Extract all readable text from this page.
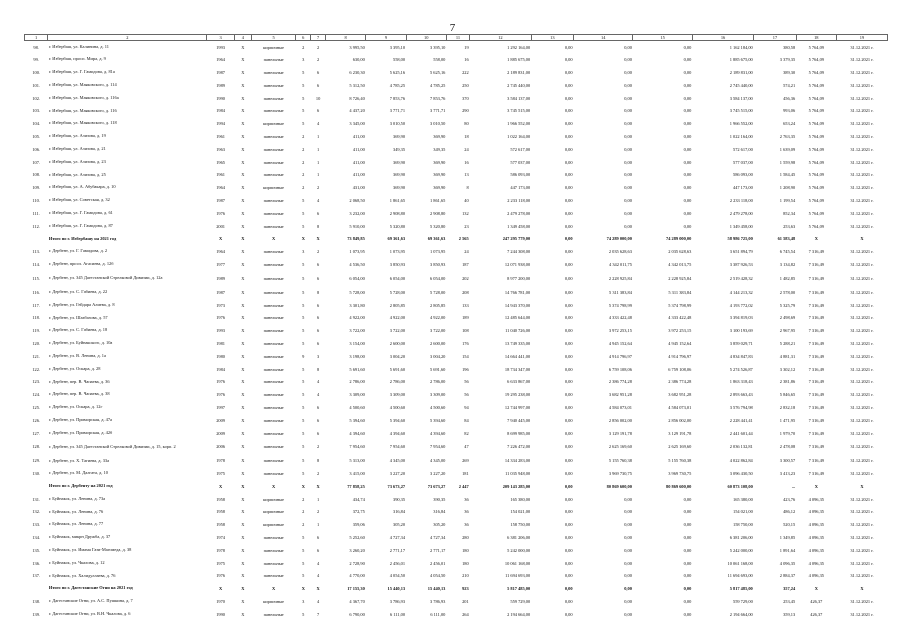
7
1	2	3	4	5	6	7	8	9	10	11	12	13	14	15	16	17	18	19
98.	г. Избербаш, ул. Калинина, д. 11	1993	Х	кирпичные	2	2	3 995,50	3 395,10	3 395,10	19	1 292 164,00	0,00	0,00	0,00	1 162 184,00	380,58	5 764,09	31.12.2021 г.
99.	г. Избербаш, просп. Мира, д. 9	1964	Х	панельные	3	2	630,00	558,00	558,00	16	1 885 675,00	0,00	0,00	0,00	1 885 675,00	3 379,35	5 764,09	31.12.2021 г.
100.	г. Избербаш, ул. Г. Гамидова, д. 81а	1987	Х	панельные	5	6	6 230,30	5 625,16	5 625,16	222	2 189 831,00	0,00	0,00	0,00	2 189 831,00	389,30	5 764,09	31.12.2021 г.
101.	г. Избербаш, ул. Маяковского, д. 114	1989	Х	панельные	5	6	5 312,50	4 785,25	4 785,25	250	2 745 440,00	0,00	0,00	0,00	2 745 440,00	574,21	5 764,09	31.12.2021 г.
102.	г. Избербаш, ул. Маяковского, д. 116а	1990	Х	панельные	5	10	8 726,40	7 853,76	7 853,76	370	3 584 137,00	0,00	0,00	0,00	3 584 137,00	456,36	5 764,09	31.12.2021 г.
103.	г. Избербаш, ул. Маяковского, д. 116	1984	Х	панельные	5	6	4 437,20	3 771,71	3 771,71	290	3 745 515,00	0,00	0,00	0,00	3 745 515,00	993,06	5 764,09	31.12.2021 г.
104.	г. Избербаш, ул. Маяковского, д. 118	1994	Х	кирпичные	5	4	3 345,00	3 010,50	3 010,50	80	1 966 552,00	0,00	0,00	0,00	1 966 552,00	653,24	5 764,09	31.12.2021 г.
105.	г. Избербаш, ул. Азизова, д. 19	1961	Х	панельные	2	1	411,00	369,90	369,90	18	1 022 164,00	0,00	0,00	0,00	1 022 164,00	2 763,35	5 764,09	31.12.2021 г.
106.	г. Избербаш, ул. Азизова, д. 21	1963	Х	панельные	2	1	411,00	349,35	349,35	24	572 617,00	0,00	0,00	0,00	572 617,00	1 639,09	5 764,09	31.12.2021 г.
107.	г. Избербаш, ул. Азизова, д. 23	1965	Х	панельные	2	1	411,00	369,90	369,90	16	577 037,00	0,00	0,00	0,00	577 037,00	1 559,98	5 764,09	31.12.2021 г.
108.	г. Избербаш, ул. Азизова, д. 25	1961	Х	панельные	2	1	411,00	369,90	369,90	13	586 093,00	0,00	0,00	0,00	586 093,00	1 584,45	5 764,09	31.12.2021 г.
109.	г. Избербаш, ул. А. Абубакара, д. 10	1964	Х	кирпичные	2	2	431,00	369,90	369,90	8	447 173,00	0,00	0,00	0,00	447 173,00	1 208,90	5 764,09	31.12.2021 г.
110.	г. Избербаш, ул. Советская, д. 32	1987	Х	панельные	5	4	2 068,50	1 861,65	1 861,65	40	2 233 118,00	0,00	0,00	0,00	2 233 118,00	1 199,54	5 764,09	31.12.2021 г.
111.	г. Избербаш, ул. Г. Гамидова, д. 61	1976	Х	панельные	5	6	3 232,00	2 908,80	2 908,80	132	2 479 278,00	0,00	0,00	0,00	2 479 278,00	852,34	5 764,09	31.12.2021 г.
112.	г. Избербаш, ул. Г. Гамидова, д. 87	2001	Х	панельные	5	8	5 910,00	5 320,80	5 320,80	23	1 349 458,00	0,00	0,00	0,00	1 349 458,00	253,63	5 764,09	31.12.2021 г.
	Итого по г. Избербашу на 2021 год	Х	Х	Х	Х	Х	73 849,85	69 361,63	69 361,63	2 565	247 295 779,00	0,00	74 289 000,00	74 289 000,00	58 986 725,00	61 583,48	Х	Х
113.	г. Дербент, ул. Г. Гамидова, д. 2	1964	Х	панельные	3	2	1 073,95	1 073,95	1 073,95	24	7 244 308,00	0,00	2 035 628,63	2 035 628,63	3 651 894,79	6 745,54	7 316,49	31.12.2021 г.
114.	г. Дербент, просп. Агасиева, д. 12б	1977	Х	панельные	5	6	4 536,50	3 850,93	3 850,93	187	12 071 938,00	0,00	4 342 011,75	4 342 013,75	3 387 926,53	3 134,82	7 316,49	31.12.2021 г.
115.	г. Дербент, ул. 345 Дагестанской Стрелковой Дивизии, д. 12а	1989	Х	панельные	5	6	6 054,00	6 054,00	6 054,00	202	8 977 200,00	0,00	2 228 925,84	2 228 925,84	2 519 428,32	1 482,85	7 316,49	31.12.2021 г.
116.	г. Дербент, ул. С. Габиева, д. 22	1987	Х	панельные	5	8	5 728,00	5 728,00	5 728,00	208	14 766 781,00	0,00	5 311 383,84	5 311 383,84	4 144 213,32	2 578,00	7 316,49	31.12.2021 г.
117.	г. Дербент, ул. Гейдара Алиева, д. 8	1973	Х	панельные	5	6	3 301,80	2 805,85	2 805,85	133	14 943 370,00	0,00	5 374 798,99	5 374 798,99	4 193 772,02	5 325,79	7 316,49	31.12.2021 г.
118.	г. Дербент, ул. Шахбазова, д. 57	1976	Х	панельные	5	6	4 922,00	4 922,00	4 922,00	189	12 485 644,00	0,00	4 333 422,48	4 333 422,48	3 394 819,03	2 498,69	7 316,49	31.12.2021 г.
119.	г. Дербент, ул. С. Габиева, д. 18	1993	Х	панельные	5	6	3 722,00	3 722,00	3 722,00	108	11 040 726,00	0,00	3 972 253,15	3 972 253,15	3 100 193,69	2 967,95	7 316,49	31.12.2021 г.
120.	г. Дербент, ул. Буйнакского, д. 10а	1981	Х	панельные	5	6	3 154,00	2 600,00	2 600,00	176	13 749 335,00	0,00	4 945 152,64	4 945 152,64	3 859 029,71	5 288,21	7 316,49	31.12.2021 г.
121.	г. Дербент, ул. В. Ленина, д. 1а	1980	Х	панельные	9	3	3 198,00	3 004,20	3 004,20	154	14 664 441,00	0,00	4 914 796,97	4 914 796,97	4 834 847,83	4 881,31	7 316,49	31.12.2021 г.
122.	г. Дербент, ул. Оскара, д. 28	1984	Х	панельные	5	8	5 691,60	5 691,60	5 691,60	196	18 734 347,00	0,00	6 759 108,06	6 759 108,06	5 274 526,87	3 302,12	7 316,49	31.12.2021 г.
123.	г. Дербент, пер. В. Чапаева, д. 36	1976	Х	панельные	5	4	2 786,00	2 786,00	2 786,00	56	6 633 867,00	0,00	2 386 774,28	2 386 774,28	1 863 318,43	2 381,86	7 316,49	31.12.2021 г.
124.	г. Дербент, пер. В. Чапаева, д. 38	1976	Х	панельные	5	4	3 309,00	3 309,00	3 309,00	56	19 295 238,00	0,00	3 682 951,28	3 682 951,28	2 893 663,43	5 846,65	7 316,49	31.12.2021 г.
125.	г. Дербент, ул. Оскара, д. 12г	1997	Х	панельные	5	6	4 500,60	4 500,60	4 500,60	94	12 744 997,00	0,00	4 584 073,01	4 584 073,01	3 576 794,98	2 832,18	7 316,49	31.12.2021 г.
126.	г. Дербент, ул. Приморская, д. 47а	2009	Х	панельные	5	6	5 394,60	5 394,60	5 394,60	84	7 940 445,00	0,00	2 856 002,00	2 856 002,00	2 228 441,41	1 471,95	7 316,49	31.12.2021 г.
127.	г. Дербент, ул. Приморская, д. 42б	2009	Х	панельные	5	6	4 394,60	4 394,60	4 394,60	82	8 699 985,00	0,00	3 129 191,78	3 129 191,78	2 441 601,44	1 979,70	7 316,49	31.12.2021 г.
128.	г. Дербент, ул. 345 Дагестанской Стрелковой Дивизии, д. 15, корп. 2	2006	Х	панельные	5	2	7 954,60	7 954,60	7 954,60	47	7 226 472,00	0,00	2 625 169,60	2 625 169,60	2 036 132,81	2 478,08	7 316,49	31.12.2021 г.
129.	г. Дербент, ул. Х. Тагиева, д. 33а	1978	Х	панельные	5	8	5 313,00	4 345,00	4 345,00	269	14 334 283,00	0,00	5 155 760,38	5 155 760,38	4 022 862,84	3 300,57	7 316,49	31.12.2021 г.
130.	г. Дербент, ул. М. Далгата, д. 10	1975	Х	панельные	5	2	3 415,00	3 227,20	3 227,20	181	11 035 948,00	0,00	3 969 730,75	3 969 730,75	3 096 430,50	3 413,23	7 316,49	31.12.2021 г.
	Итого по г. Дербенту на 2021 год	Х	Х	Х	Х	Х	77 858,25	73 673,27	73 673,27	2 447	209 143 285,00	0,00	80 869 600,00	80 869 600,00	60 873 108,00	...	Х	Х
131.	г. Буйнакск, ул. Ленина, д. 73а	1958	Х	кирпичные	2	1	434,74	390,35	390,35	36	165 380,00	0,00	0,00	0,00	165 380,00	423,76	4 096,35	31.12.2021 г.
132.	г. Буйнакск, ул. Ленина, д. 76	1958	Х	кирпичные	2	2	372,75	316,84	316,84	36	154 021,00	0,00	0,00	0,00	154 021,00	486,12	4 096,35	31.12.2021 г.
133.	г. Буйнакск, ул. Ленина, д. 77	1958	Х	кирпичные	2	1	359,06	305,20	305,20	36	158 750,00	0,00	0,00	0,00	158 750,00	520,15	4 096,35	31.12.2021 г.
134.	г. Буйнакск, микрн Дружба, д. 37	1974	Х	панельные	5	6	5 252,60	4 727,34	4 727,34	280	6 381 206,00	0,00	0,00	0,00	6 381 206,00	1 349,85	4 096,35	31.12.2021 г.
135.	г. Буйнакск, ул. Имама Гази-Магомеда, д. 38	1978	Х	панельные	5	6	3 260,20	2 771,17	2 771,17	180	5 242 000,00	0,00	0,00	0,00	5 242 000,00	1 891,64	4 096,35	31.12.2021 г.
136.	г. Буйнакск, ул. Чкалова, д. 12	1975	Х	панельные	5	4	2 728,90	2 456,01	2 456,01	180	10 061 168,00	0,00	0,00	0,00	10 061 168,00	4 096,35	4 096,35	31.12.2021 г.
137.	г. Буйнакск, ул. Халидуллаева, д. 76	1976	Х	панельные	5	4	4 770,00	4 054,50	4 054,50	210	11 694 693,00	0,00	0,00	0,00	11 694 693,00	2 884,37	4 096,35	31.12.2021 г.
	Итого по г. Дагестанские Огни на 2021 год	Х	Х	Х	Х	Х	17 155,30	15 440,13	15 440,13	923	5 817 485,00	0,00	0,00	0,00	5 817 485,00	357,24	Х	Х
138.	г. Дагестанские Огни, ул. А.С. Пушкина, д. 7	1970	Х	кирпичные	3	4	4 367,70	3 786,93	3 786,93	201	559 729,00	0,00	0,00	0,00	559 729,00	253,45	426,37	31.12.2021 г.
139.	г. Дагестанские Огни, ул. В.Н. Чкалова, д. 6	1990	Х	панельные	5	7	6 790,00	6 111,00	6 111,00	264	2 194 664,00	0,00	0,00	0,00	2 194 664,00	359,13	426,37	31.12.2021 г.
